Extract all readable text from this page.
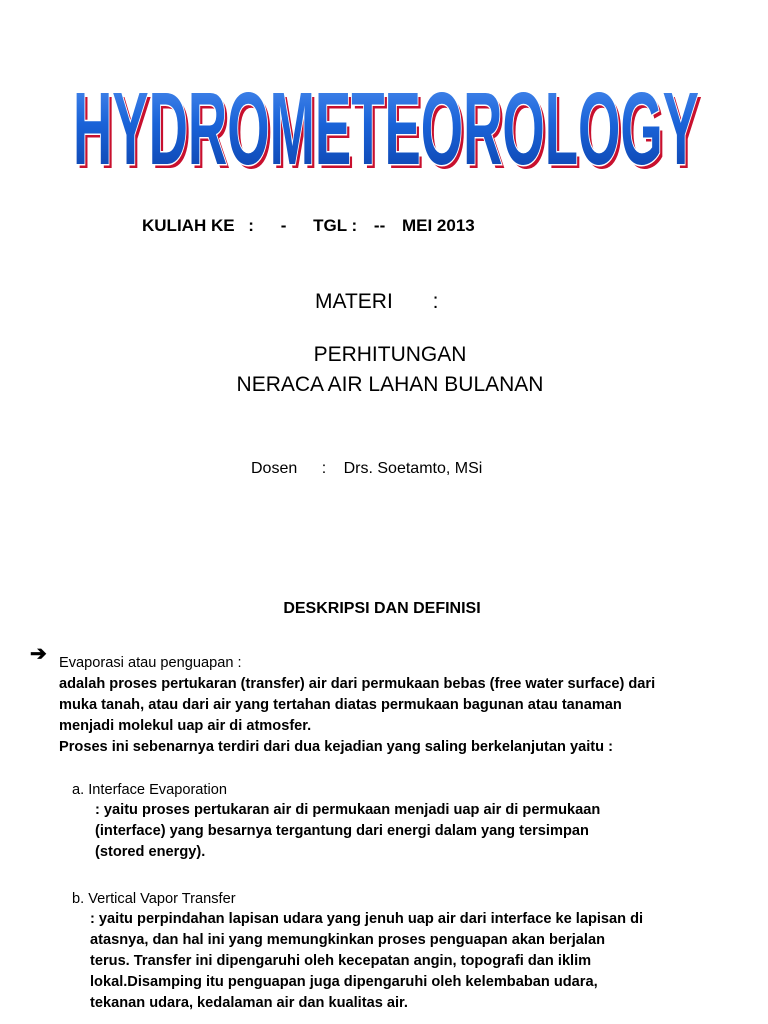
HYDROMETEOROLOGY
HYDROMETEOROLOGY
KULIAH KE : - TGL : -- MEI 2013
MATERI :
PERHITUNGAN
NERACA AIR LAHAN BULANAN
Dosen : Drs. Soetamto, MSi
DESKRIPSI DAN DEFINISI
➔ Evaporasi atau penguapan :
adalah proses pertukaran (transfer) air dari permukaan bebas (free water surface) dari
muka tanah, atau dari air yang tertahan diatas permukaan bagunan atau tanaman
menjadi molekul uap air di atmosfer.
Proses ini sebenarnya terdiri dari dua kejadian yang saling berkelanjutan yaitu :
a. Interface Evaporation
: yaitu proses pertukaran air di permukaan menjadi uap air di permukaan
(interface) yang besarnya tergantung dari energi dalam yang tersimpan
(stored energy).
b. Vertical Vapor Transfer
: yaitu perpindahan lapisan udara yang jenuh uap air dari interface ke lapisan di
atasnya, dan hal ini yang memungkinkan proses penguapan akan berjalan
terus. Transfer ini dipengaruhi oleh kecepatan angin, topografi dan iklim
lokal.Disamping itu penguapan juga dipengaruhi oleh kelembaban udara,
tekanan udara, kedalaman air dan kualitas air.
